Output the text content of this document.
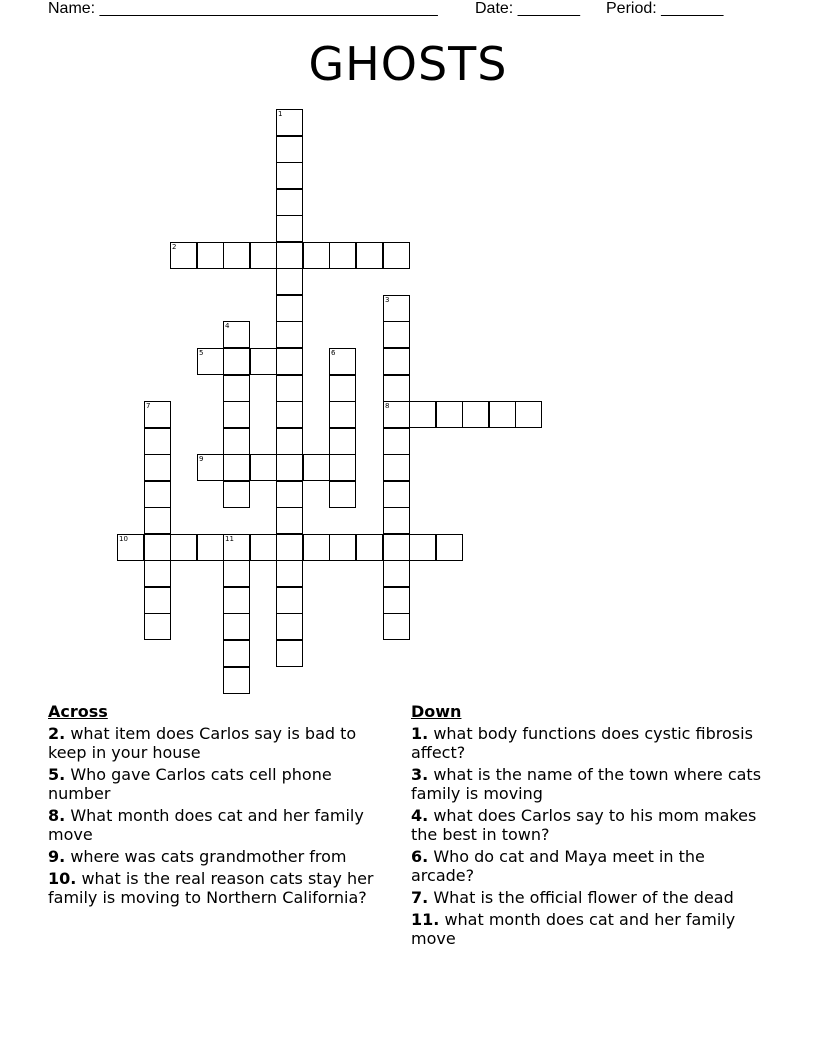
Name: ______________________________________ Date: _______ Period: _______
GHOSTS
1
2
3
8
4
5	6
7
9
10	11
Across
2. what item does Carlos say is bad to keep in your house
5. Who gave Carlos cats cell phone number
8. What month does cat and her family move
9. where was cats grandmother from
10. what is the real reason cats stay her family is moving to Northern California?
Down
1. what body functions does cystic fibrosis affect?
3. what is the name of the town where cats family is moving
4. what does Carlos say to his mom makes the best in town?
6. Who do cat and Maya meet in the arcade?
7. What is the official flower of the dead
11. what month does cat and her family move
